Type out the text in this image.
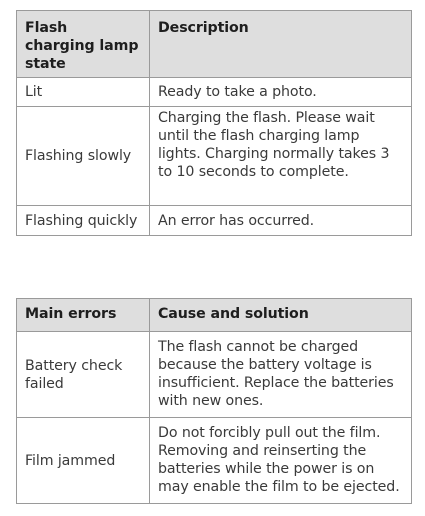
Flash charging lamp state	Description
Lit	Ready to take a photo.
Flashing slowly	Charging the flash. Please wait until the flash charging lamp lights. Charging normally takes 3 to 10 seconds to complete.
Flashing quickly	An error has occurred.
Main errors	Cause and solution
Battery check failed	The flash cannot be charged because the battery voltage is insufficient. Replace the batteries with new ones.
Film jammed	Do not forcibly pull out the film. Removing and reinserting the batteries while the power is on may enable the film to be ejected.
